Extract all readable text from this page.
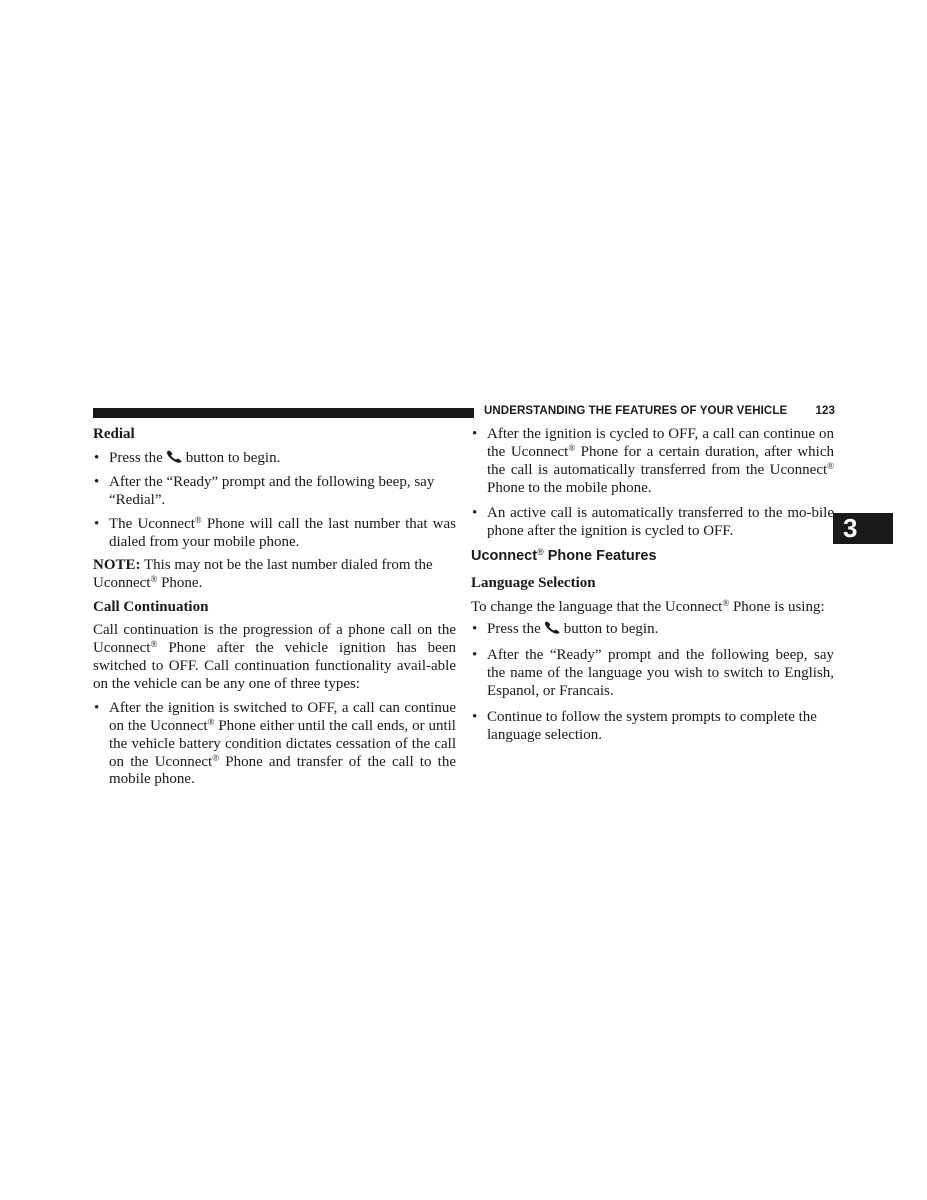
UNDERSTANDING THE FEATURES OF YOUR VEHICLE 123
3

Redial

• Press the button to begin.
• After the “Ready” prompt and the following beep, say “Redial”.
• The Uconnect® Phone will call the last number that was dialed from your mobile phone.

NOTE: This may not be the last number dialed from the Uconnect® Phone.

Call Continuation

Call continuation is the progression of a phone call on the Uconnect® Phone after the vehicle ignition has been switched to OFF. Call continuation functionality avail-able on the vehicle can be any one of three types:

• After the ignition is switched to OFF, a call can continue on the Uconnect® Phone either until the call ends, or until the vehicle battery condition dictates cessation of the call on the Uconnect® Phone and transfer of the call to the mobile phone.
• After the ignition is cycled to OFF, a call can continue on the Uconnect® Phone for a certain duration, after which the call is automatically transferred from the Uconnect® Phone to the mobile phone.
• An active call is automatically transferred to the mo-bile phone after the ignition is cycled to OFF.

Uconnect® Phone Features

Language Selection

To change the language that the Uconnect® Phone is using:

• Press the button to begin.
• After the “Ready” prompt and the following beep, say the name of the language you wish to switch to English, Espanol, or Francais.
• Continue to follow the system prompts to complete the language selection.
